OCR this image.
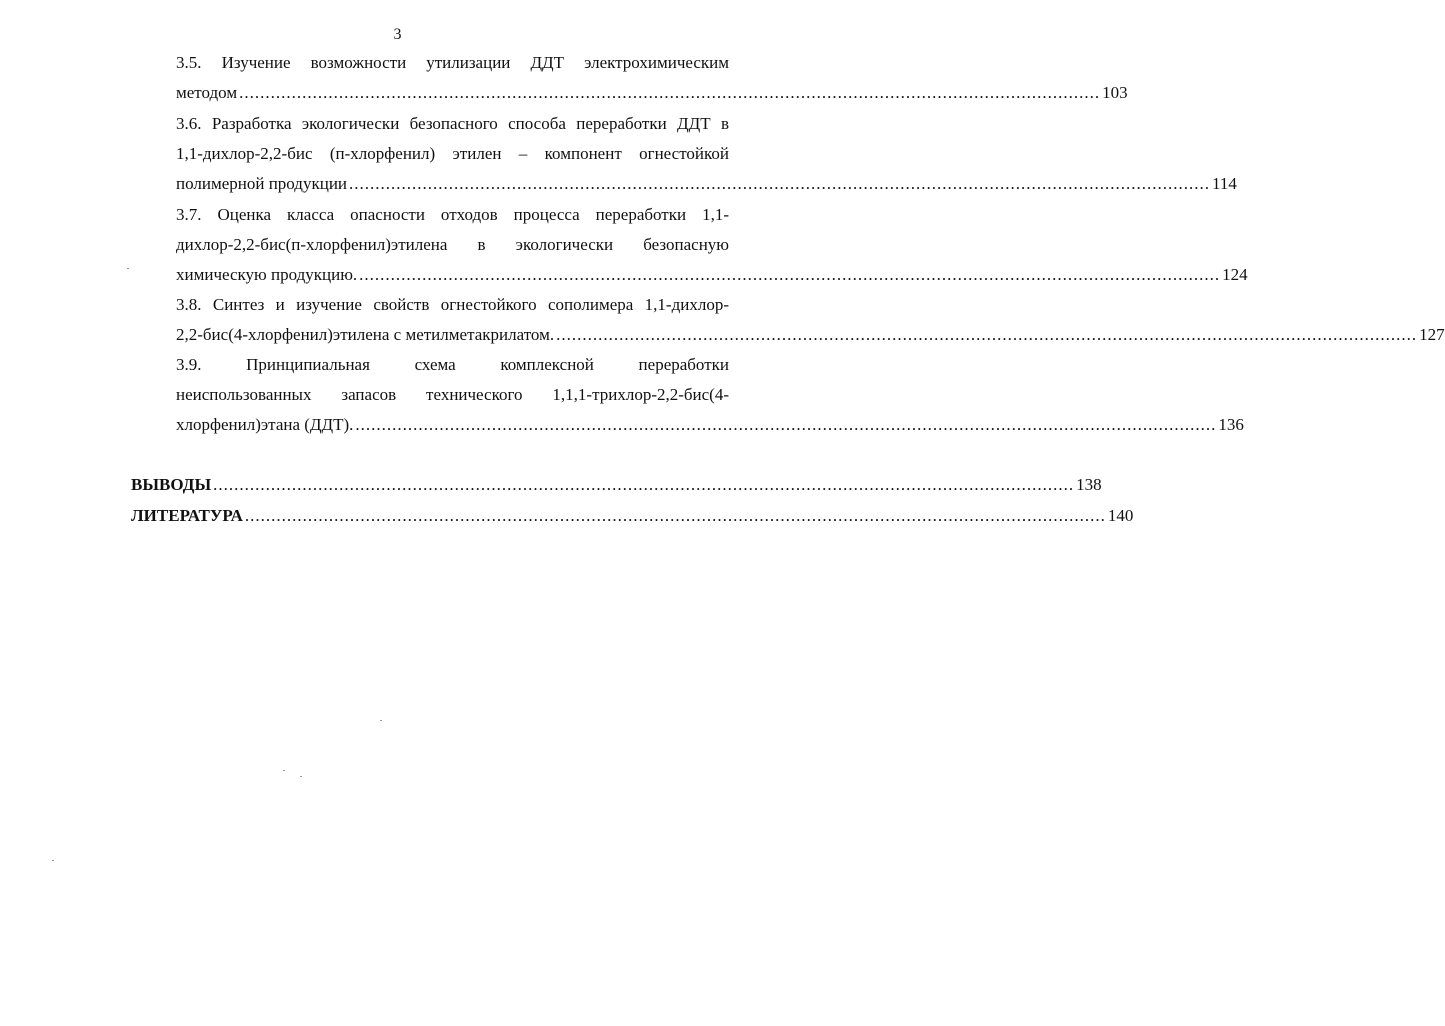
3
3.5. Изучение возможности утилизации ДДТ электрохимическим
методом .................................................................................................................................................................... 103
3.6. Разработка экологически безопасного способа переработки ДДТ в
1,1-дихлор-2,2-бис (п-хлорфенил) этилен – компонент огнестойкой
полимерной продукции .................................................................................................................................................................... 114
3.7. Оценка класса опасности отходов процесса переработки 1,1-
дихлор-2,2-бис(п-хлорфенил)этилена в экологически безопасную
химическую продукцию. .................................................................................................................................................................... 124
3.8. Синтез и изучение свойств огнестойкого сополимера 1,1-дихлор-
2,2-бис(4-хлорфенил)этилена с метилметакрилатом. .................................................................................................................................................................... 127
3.9. Принципиальная схема комплексной переработки
неиспользованных запасов технического 1,1,1-трихлор-2,2-бис(4-
хлорфенил)этана (ДДТ). .................................................................................................................................................................... 136
ВЫВОДЫ .................................................................................................................................................................... 138
ЛИТЕРАТУРА .................................................................................................................................................................... 140
